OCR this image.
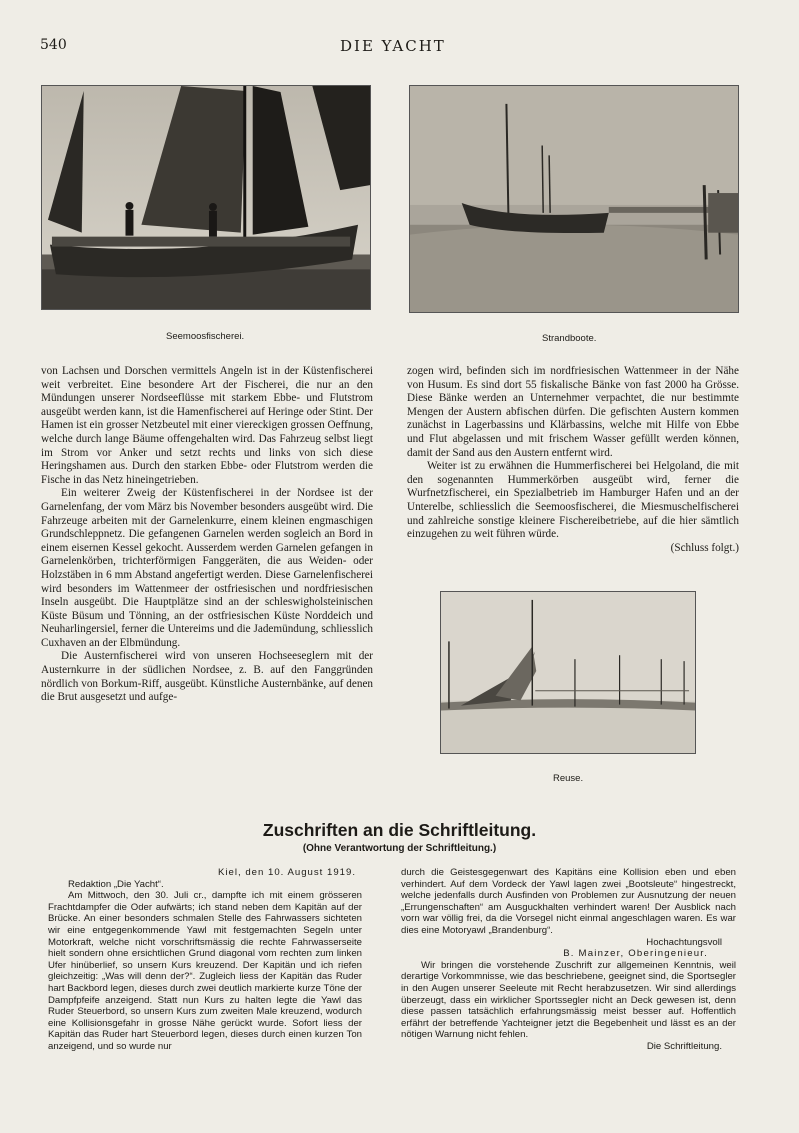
540	DIE YACHT
Seemoosfischerei.	Strandboote.

von Lachsen und Dorschen vermittels Angeln ist in der Küstenfischerei weit verbreitet. Eine besondere Art der Fischerei, die nur an den Mündungen unserer Nordseeflüsse mit starkem Ebbe- und Flutstrom ausgeübt werden kann, ist die Hamenfischerei auf Heringe oder Stint. Der Hamen ist ein grosser Netzbeutel mit einer viereckigen grossen Oeffnung, welche durch lange Bäume offengehalten wird. Das Fahrzeug selbst liegt im Strom vor Anker und setzt rechts und links von sich diese Heringshamen aus. Durch den starken Ebbe- oder Flutstrom werden die Fische in das Netz hineingetrieben.

Ein weiterer Zweig der Küstenfischerei in der Nordsee ist der Garnelenfang, der vom März bis November besonders ausgeübt wird. Die Fahrzeuge arbeiten mit der Garnelenkurre, einem kleinen engmaschigen Grundschleppnetz. Die gefangenen Garnelen werden sogleich an Bord in einem eisernen Kessel gekocht. Ausserdem werden Garnelen gefangen in Garnelenkörben, trichterförmigen Fanggeräten, die aus Weiden- oder Holzstäben in 6 mm Abstand angefertigt werden. Diese Garnelenfischerei wird besonders im Wattenmeer der ostfriesischen und nordfriesischen Inseln ausgeübt. Die Hauptplätze sind an der schleswigholsteinischen Küste Büsum und Tönning, an der ostfriesischen Küste Norddeich und Neuharlingersiel, ferner die Untereims und die Jademündung, schliesslich Cuxhaven an der Elbmündung.

Die Austernfischerei wird von unseren Hochseeseglern mit der Austernkurre in der südlichen Nordsee, z. B. auf den Fanggründen nördlich von Borkum-Riff, ausgeübt. Künstliche Austernbänke, auf denen die Brut ausgesetzt und aufge-

zogen wird, befinden sich im nordfriesischen Wattenmeer in der Nähe von Husum. Es sind dort 55 fiskalische Bänke von fast 2000 ha Grösse. Diese Bänke werden an Unternehmer verpachtet, die nur bestimmte Mengen der Austern abfischen dürfen. Die gefischten Austern kommen zunächst in Lagerbassins und Klärbassins, welche mit Hilfe von Ebbe und Flut abgelassen und mit frischem Wasser gefüllt werden können, damit der Sand aus den Austern entfernt wird.

Weiter ist zu erwähnen die Hummerfischerei bei Helgoland, die mit den sogenannten Hummerkörben ausgeübt wird, ferner die Wurfnetzfischerei, ein Spezialbetrieb im Hamburger Hafen und an der Unterelbe, schliesslich die Seemoosfischerei, die Miesmuschelfischerei und zahlreiche sonstige kleinere Fischereibetriebe, auf die hier sämtlich einzugehen zu weit führen würde.

(Schluss folgt.)
Reuse.
Zuschriften an die Schriftleitung.
(Ohne Verantwortung der Schriftleitung.)

Kiel, den 10. August 1919.

Redaktion „Die Yacht“.

Am Mittwoch, den 30. Juli cr., dampfte ich mit einem grösseren Frachtdampfer die Oder aufwärts; ich stand neben dem Kapitän auf der Brücke. An einer besonders schmalen Stelle des Fahrwassers sichteten wir eine entgegenkommende Yawl mit festgemachten Segeln unter Motorkraft, welche nicht vorschriftsmässig die rechte Fahrwasserseite hielt sondern ohne ersichtlichen Grund diagonal vom rechten zum linken Ufer hinüberlief, so unsern Kurs kreuzend. Der Kapitän und ich riefen gleichzeitig: „Was will denn der?“. Zugleich liess der Kapitän das Ruder hart Backbord legen, dieses durch zwei deutlich markierte kurze Töne der Dampfpfeife anzeigend. Statt nun Kurs zu halten legte die Yawl das Ruder Steuerbord, so unsern Kurs zum zweiten Male kreuzend, wodurch eine Kollisionsgefahr in grosse Nähe gerückt wurde. Sofort liess der Kapitän das Ruder hart Steuerbord legen, dieses durch einen kurzen Ton anzeigend, und so wurde nur

durch die Geistesgegenwart des Kapitäns eine Kollision eben und eben verhindert. Auf dem Vordeck der Yawl lagen zwei „Bootsleute“ hingestreckt, welche jedenfalls durch Ausfinden von Problemen zur Ausnutzung der neuen „Errungenschaften“ am Ausguckhalten verhindert waren! Der Ausblick nach vorn war völlig frei, da die Vorsegel nicht einmal angeschlagen waren. Es war dies eine Motoryawl „Brandenburg“.

Hochachtungsvoll

B. Mainzer, Oberingenieur.

Wir bringen die vorstehende Zuschrift zur allgemeinen Kenntnis, weil derartige Vorkommnisse, wie das beschriebene, geeignet sind, die Sportsegler in den Augen unserer Seeleute mit Recht herabzusetzen. Wir sind allerdings überzeugt, dass ein wirklicher Sportssegler nicht an Deck gewesen ist, denn diese passen tatsächlich erfahrungsmässig meist besser auf. Hoffentlich erfährt der betreffende Yachteigner jetzt die Begebenheit und lässt es an der nötigen Warnung nicht fehlen.

Die Schriftleitung.
